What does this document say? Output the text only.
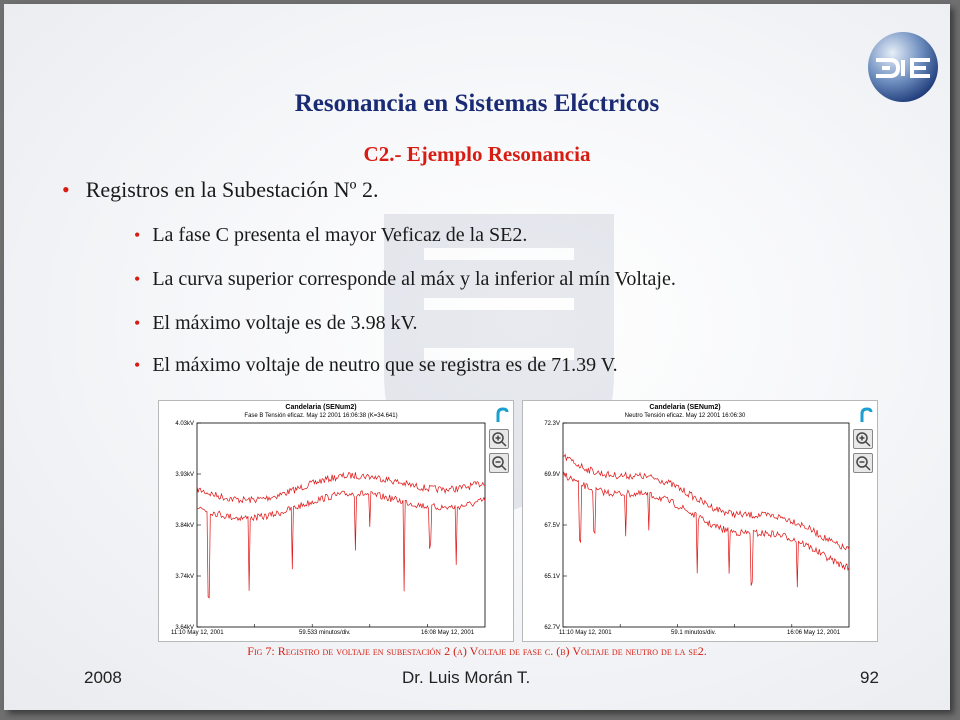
Resonancia en Sistemas Eléctricos
C2.- Ejemplo Resonancia
• Registros en la Subestación Nº 2.
• La fase C presenta el mayor Veficaz de la SE2.
• La curva superior corresponde al máx y la inferior al mín Voltaje.
• El máximo voltaje es de 3.98 kV.
• El máximo voltaje de neutro que se registra es de 71.39 V.
4.03kV
3.93kV
3.84kV
3.74kV
3.64kV
Candelaria (SENum2)
Fase B Tensión eficaz. May 12 2001 16:06:38 (K=34.641)
11:10 May 12, 2001	59.533 minutos/div.	16:08 May 12, 2001
72.3V
69.9V
67.5V
65.1V
62.7V
Candelaria (SENum2)
Neutro Tensión eficaz. May 12 2001 16:06:30
11:10 May 12, 2001	59.1 minutos/div.	16:06 May 12, 2001
Fig 7: Registro de voltaje en subestación 2 (a) Voltaje de fase c. (b) Voltaje de neutro de la se2.
2008	Dr. Luis Morán T.	92
